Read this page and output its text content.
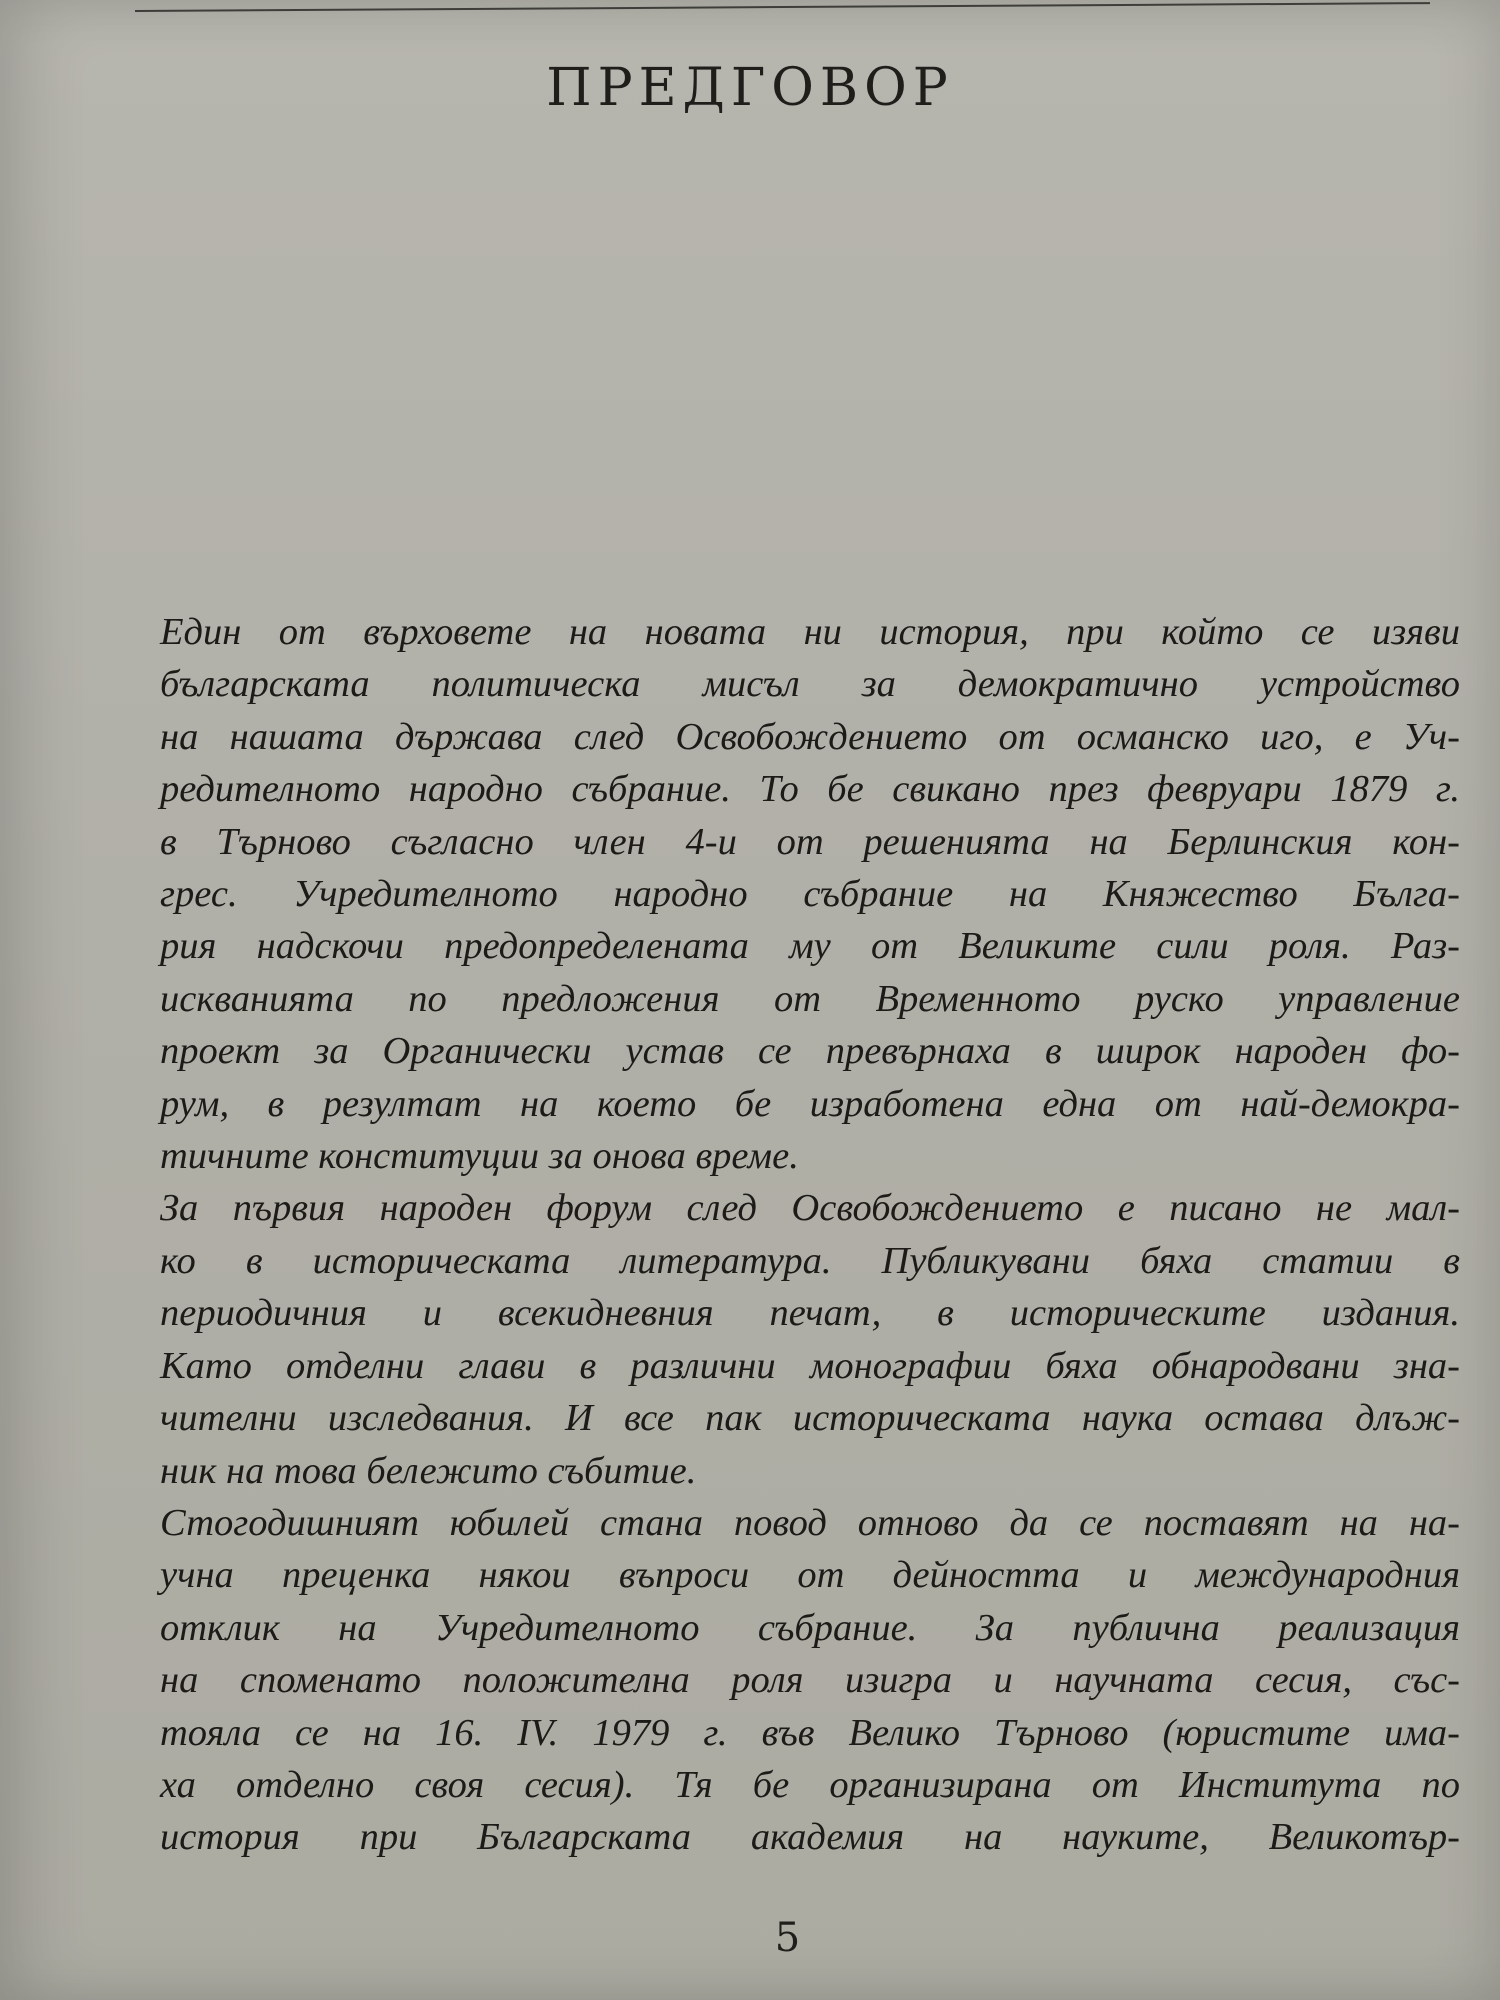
ПРЕДГОВОР
Един от върховете на новата ни история, при който се изяви
българската политическа мисъл за демократично устройство
на нашата държава след Освобождението от османско иго, е Уч-
редителното народно събрание. То бе свикано през февруари 1879 г.
в Търново съгласно член 4-и от решенията на Берлинския кон-
грес. Учредителното народно събрание на Княжество Бълга-
рия надскочи предопределената му от Великите сили роля. Раз-
искванията по предложения от Временното руско управление
проект за Органически устав се превърнаха в широк народен фо-
рум, в резултат на което бе изработена една от най-демокра-
тичните конституции за онова време.
За първия народен форум след Освобождението е писано не мал-
ко в историческата литература. Публикувани бяха статии в
периодичния и всекидневния печат, в историческите издания.
Като отделни глави в различни монографии бяха обнародвани зна-
чителни изследвания. И все пак историческата наука остава длъж-
ник на това бележито събитие.
Стогодишният юбилей стана повод отново да се поставят на на-
учна преценка някои въпроси от дейността и международния
отклик на Учредителното събрание. За публична реализация
на споменато положителна роля изигра и научната сесия, със-
тояла се на 16. IV. 1979 г. във Велико Търново (юристите има-
ха отделно своя сесия). Тя бе организирана от Института по
история при Българската академия на науките, Великотър-
5
